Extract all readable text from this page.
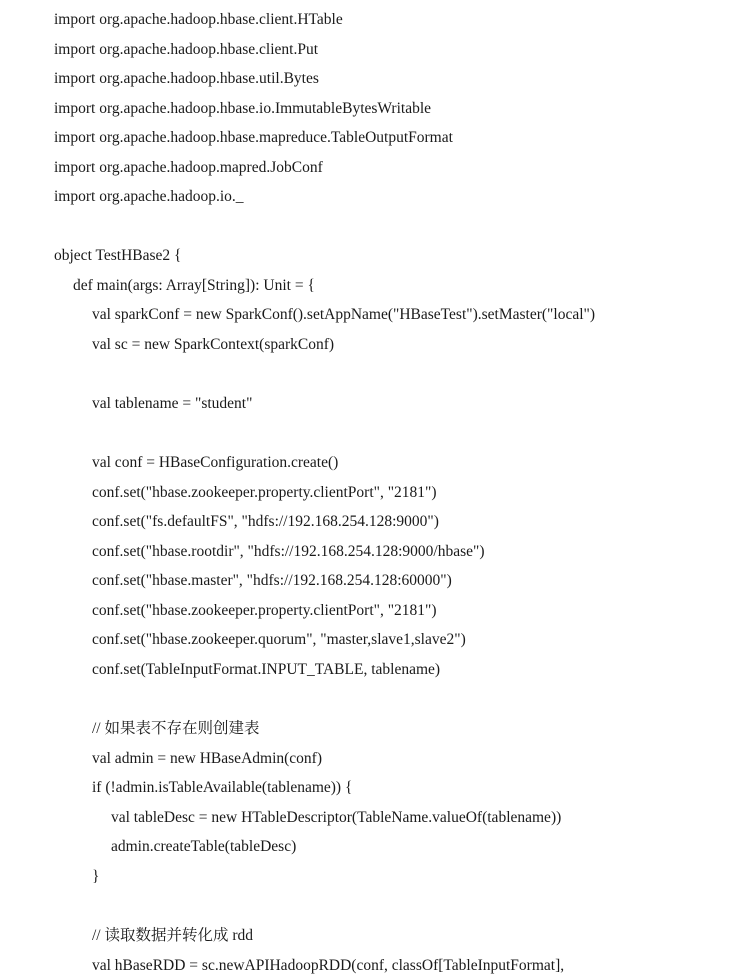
import org.apache.hadoop.hbase.client.HTable
import org.apache.hadoop.hbase.client.Put
import org.apache.hadoop.hbase.util.Bytes
import org.apache.hadoop.hbase.io.ImmutableBytesWritable
import org.apache.hadoop.hbase.mapreduce.TableOutputFormat
import org.apache.hadoop.mapred.JobConf
import org.apache.hadoop.io._
object TestHBase2 {
def main(args: Array[String]): Unit = {
val sparkConf = new SparkConf().setAppName("HBaseTest").setMaster("local")
val sc = new SparkContext(sparkConf)
val tablename = "student"
val conf = HBaseConfiguration.create()
conf.set("hbase.zookeeper.property.clientPort", "2181")
conf.set("fs.defaultFS", "hdfs://192.168.254.128:9000")
conf.set("hbase.rootdir", "hdfs://192.168.254.128:9000/hbase")
conf.set("hbase.master", "hdfs://192.168.254.128:60000")
conf.set("hbase.zookeeper.property.clientPort", "2181")
conf.set("hbase.zookeeper.quorum", "master,slave1,slave2")
conf.set(TableInputFormat.INPUT_TABLE, tablename)
// 如果表不存在则创建表
val admin = new HBaseAdmin(conf)
if (!admin.isTableAvailable(tablename)) {
val tableDesc = new HTableDescriptor(TableName.valueOf(tablename))
admin.createTable(tableDesc)
}
// 读取数据并转化成 rdd
val hBaseRDD = sc.newAPIHadoopRDD(conf, classOf[TableInputFormat],
